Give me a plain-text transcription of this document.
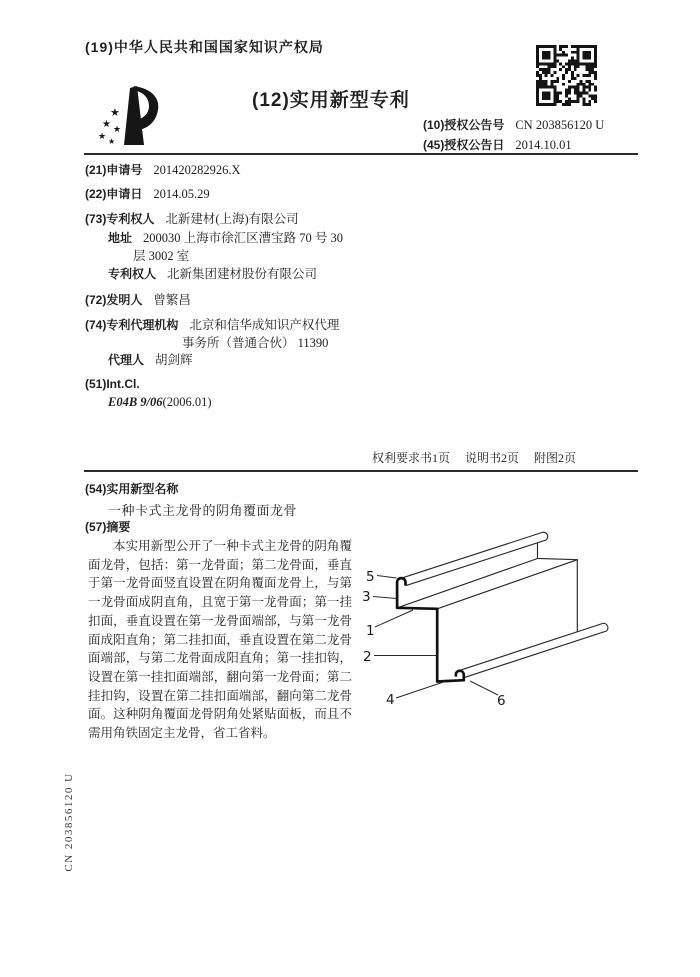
(19)中华人民共和国国家知识产权局
★
★ ★
★
★
(12)实用新型专利
(10)授权公告号 CN 203856120 U
(45)授权公告日 2014.10.01
(21)申请号 201420282926.X
(22)申请日 2014.05.29
(73)专利权人 北新建材(上海)有限公司
地址 200030 上海市徐汇区漕宝路 70 号 30
层 3002 室
专利权人 北新集团建材股份有限公司
(72)发明人 曾繁昌
(74)专利代理机构 北京和信华成知识产权代理
事务所（普通合伙） 11390
代理人 胡剑辉
(51)Int.Cl.
E04B 9/06(2006.01)
权利要求书1页 说明书2页 附图2页
(54)实用新型名称
一种卡式主龙骨的阴角覆面龙骨
(57)摘要
本实用新型公开了一种卡式主龙骨的阴角覆面龙骨，包括：第一龙骨面；第二龙骨面，垂直于第一龙骨面竖直设置在阴角覆面龙骨上，与第一龙骨面成阴直角，且宽于第一龙骨面；第一挂扣面，垂直设置在第一龙骨面端部，与第一龙骨面成阳直角；第二挂扣面，垂直设置在第二龙骨面端部，与第二龙骨面成阳直角；第一挂扣钩，设置在第一挂扣面端部，翻向第一龙骨面；第二挂扣钩，设置在第二挂扣面端部，翻向第二龙骨面。这种阴角覆面龙骨阴角处紧贴面板，而且不需用角铁固定主龙骨，省工省料。
5
3
1
2
4	6
CN 203856120 U
